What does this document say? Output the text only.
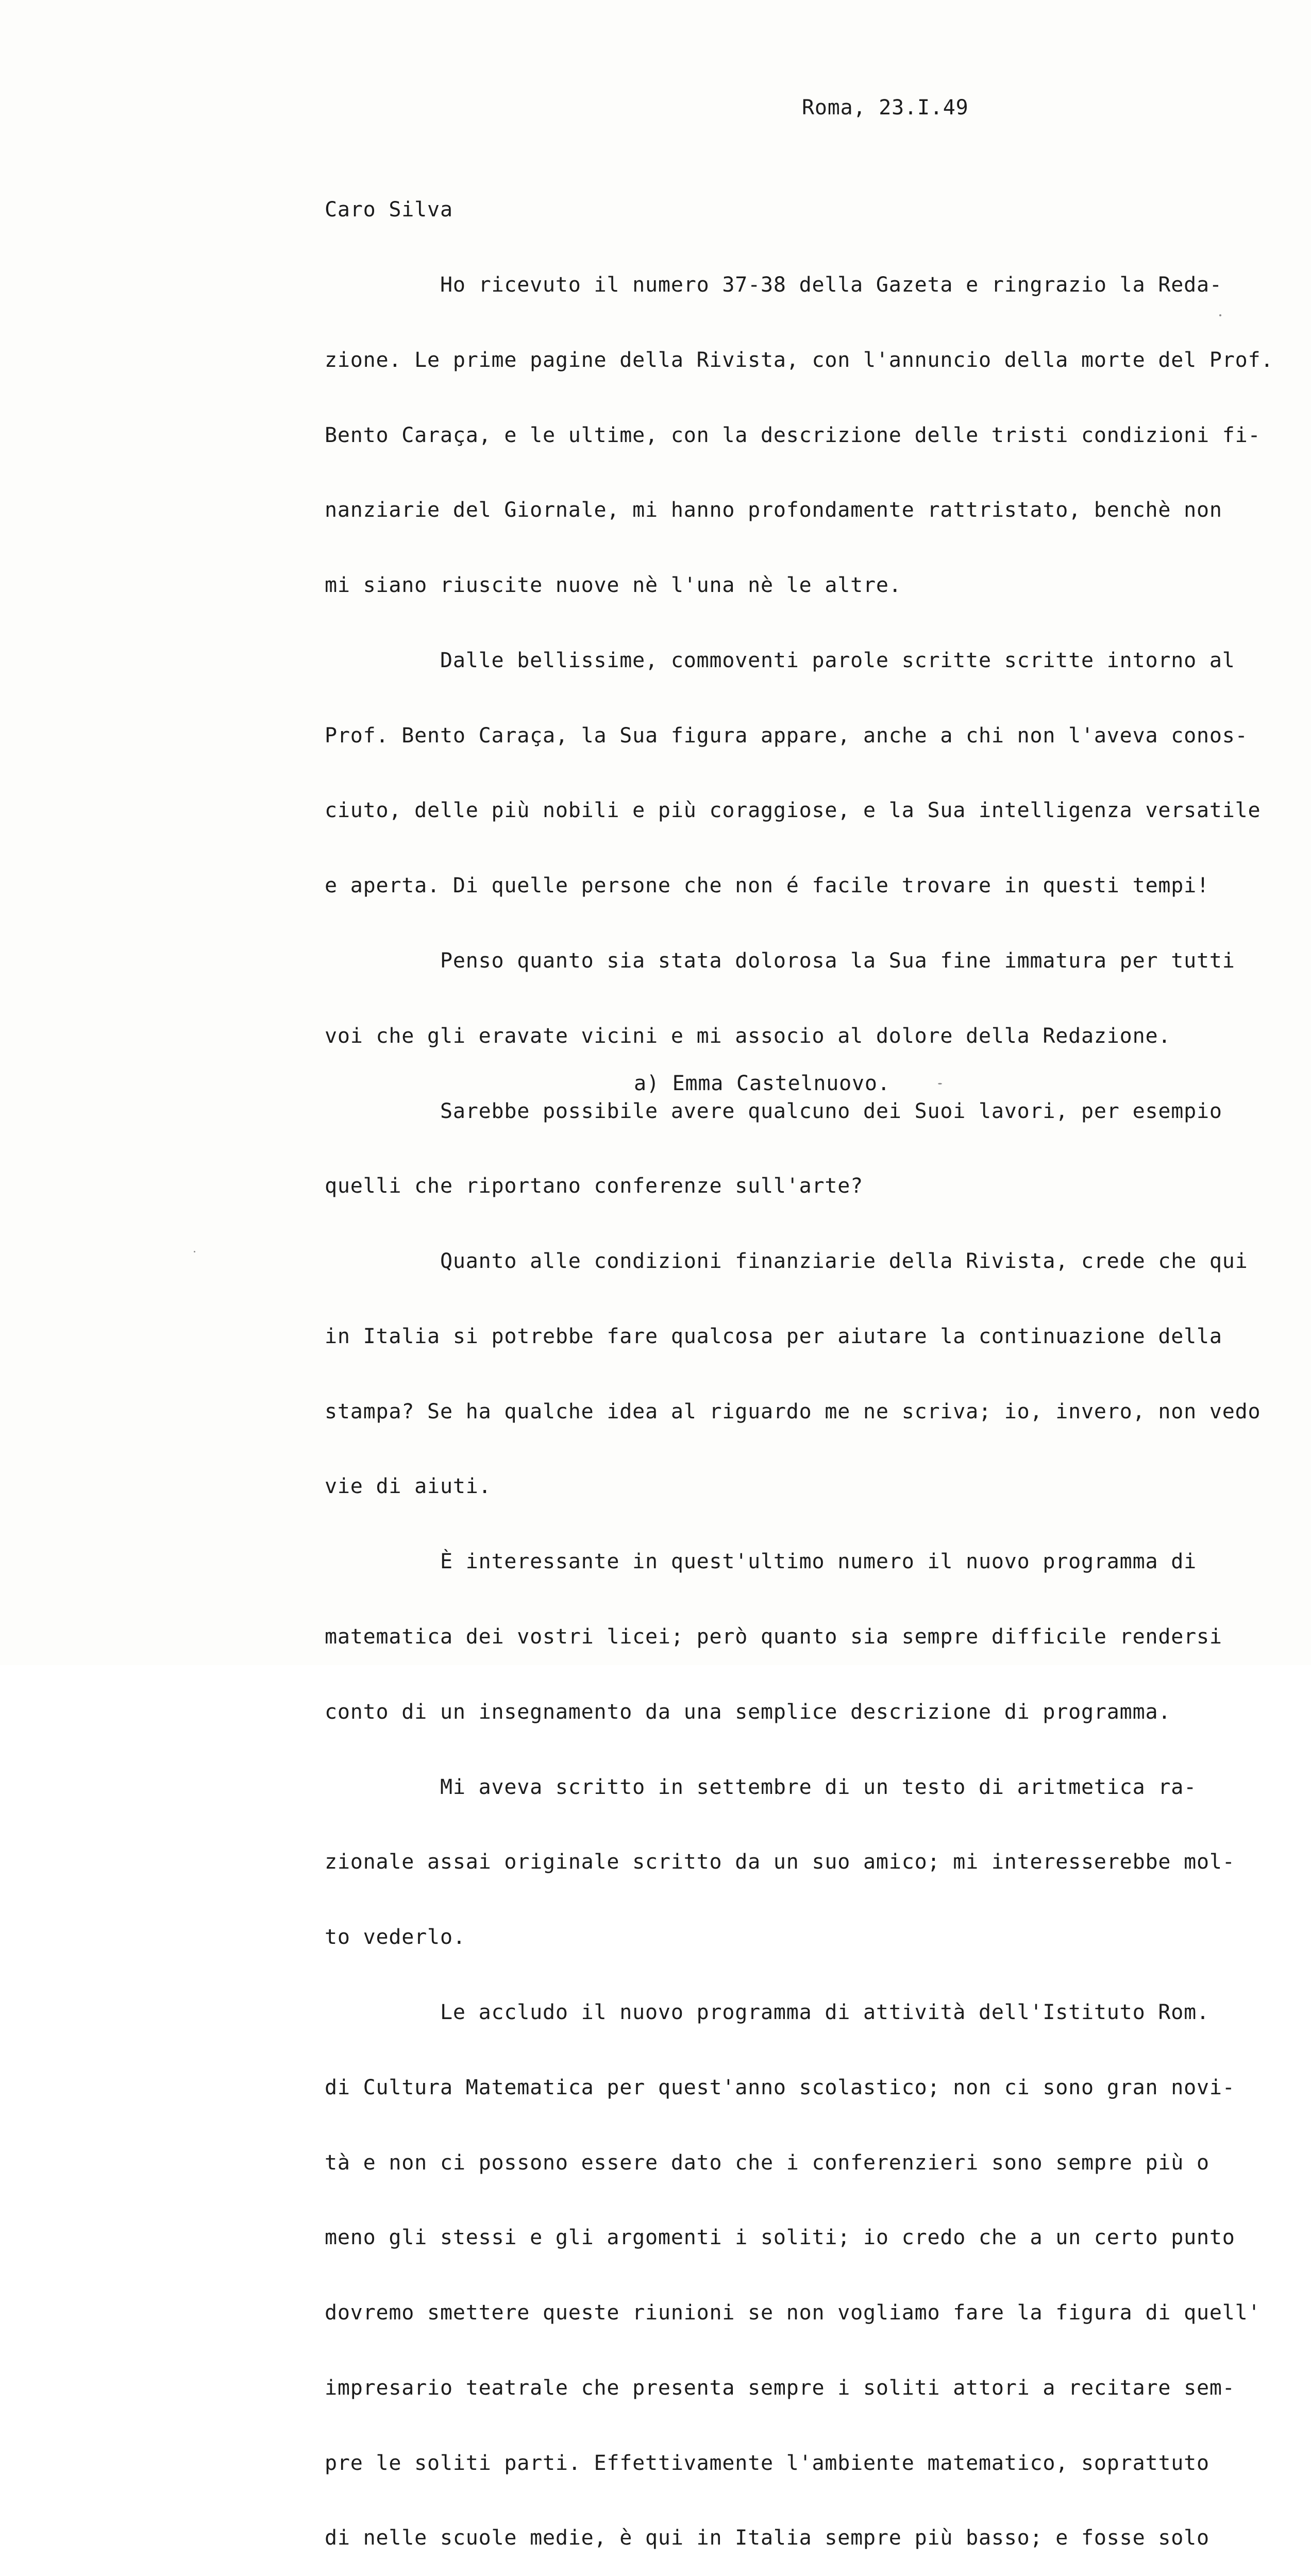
Roma, 23.I.49

Caro Silva

Ho ricevuto il numero 37-38 della Gazeta e ringrazio la Reda-

zione. Le prime pagine della Rivista, con l'annuncio della morte del Prof.

Bento Caraça, e le ultime, con la descrizione delle tristi condizioni fi-

nanziarie del Giornale, mi hanno profondamente rattristato, benchè non

mi siano riuscite nuove nè l'una nè le altre.

Dalle bellissime, commoventi parole scritte scritte intorno al

Prof. Bento Caraça, la Sua figura appare, anche a chi non l'aveva conos-

ciuto, delle più nobili e più coraggiose, e la Sua intelligenza versatile

e aperta. Di quelle persone che non é facile trovare in questi tempi!

Penso quanto sia stata dolorosa la Sua fine immatura per tutti

voi che gli eravate vicini e mi associo al dolore della Redazione.

Sarebbe possibile avere qualcuno dei Suoi lavori, per esempio

quelli che riportano conferenze sull'arte?

Quanto alle condizioni finanziarie della Rivista, crede che qui

in Italia si potrebbe fare qualcosa per aiutare la continuazione della

stampa? Se ha qualche idea al riguardo me ne scriva; io, invero, non vedo

vie di aiuti.

È interessante in quest'ultimo numero il nuovo programma di

matematica dei vostri licei; però quanto sia sempre difficile rendersi

conto di un insegnamento da una semplice descrizione di programma.

Mi aveva scritto in settembre di un testo di aritmetica ra-

zionale assai originale scritto da un suo amico; mi interesserebbe mol-

to vederlo.

Le accludo il nuovo programma di attività dell'Istituto Rom.

di Cultura Matematica per quest'anno scolastico; non ci sono gran novi-

tà e non ci possono essere dato che i conferenzieri sono sempre più o

meno gli stessi e gli argomenti i soliti; io credo che a un certo punto

dovremo smettere queste riunioni se non vogliamo fare la figura di quell'

impresario teatrale che presenta sempre i soliti attori a recitare sem-

pre le soliti parti. Effettivamente l'ambiente matematico, soprattuto

di nelle scuole medie, è qui in Italia sempre più basso; e fosse solo

a) Emma Castelnuovo.
